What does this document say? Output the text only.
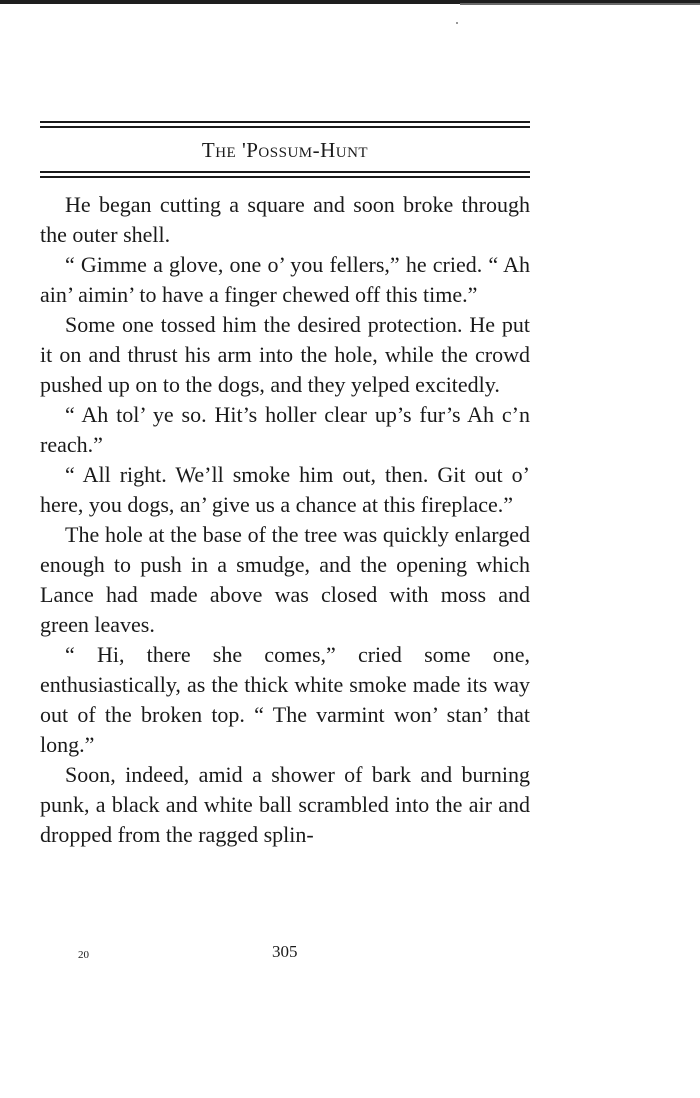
The 'Possum-Hunt

He began cutting a square and soon broke through the outer shell.

“ Gimme a glove, one o’ you fellers,” he cried. “ Ah ain’ aimin’ to have a finger chewed off this time.”

Some one tossed him the desired protection. He put it on and thrust his arm into the hole, while the crowd pushed up on to the dogs, and they yelped excitedly.

“ Ah tol’ ye so. Hit’s holler clear up’s fur’s Ah c’n reach.”

“ All right. We’ll smoke him out, then. Git out o’ here, you dogs, an’ give us a chance at this fireplace.”

The hole at the base of the tree was quickly enlarged enough to push in a smudge, and the opening which Lance had made above was closed with moss and green leaves.

“ Hi, there she comes,” cried some one, enthusiastically, as the thick white smoke made its way out of the broken top. “ The varmint won’ stan’ that long.”

Soon, indeed, amid a shower of bark and burning punk, a black and white ball scrambled into the air and dropped from the ragged splin-

20	305
